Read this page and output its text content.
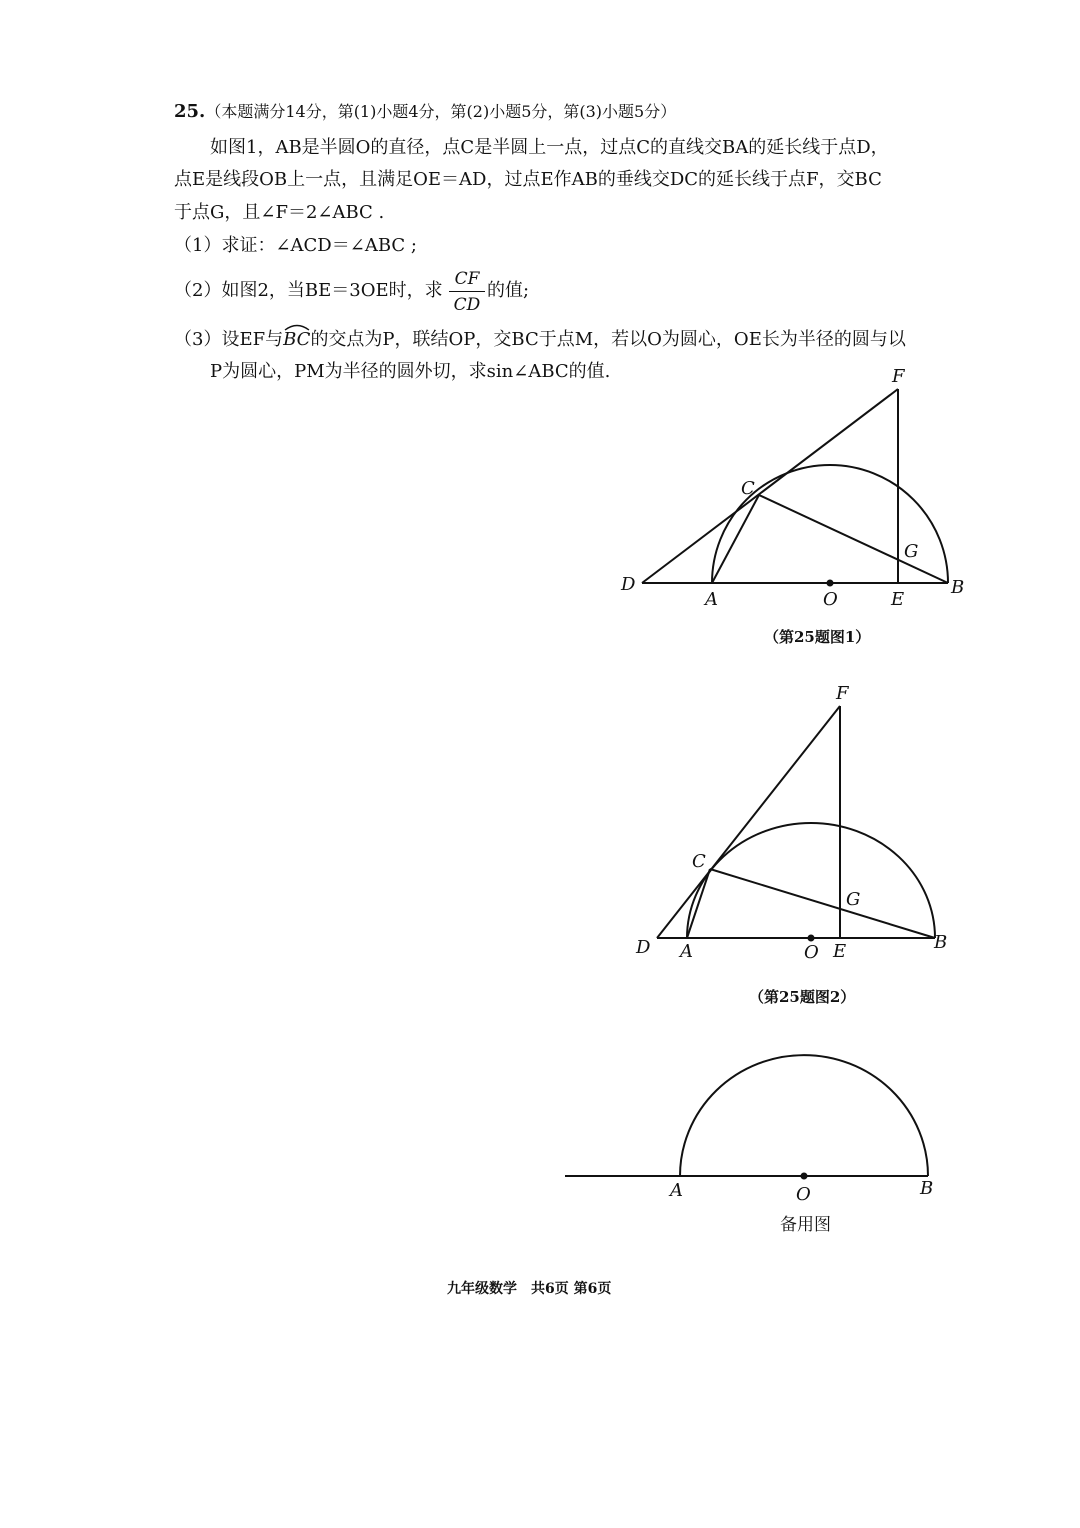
25.（本题满分14分，第(1)小题4分，第(2)小题5分，第(3)小题5分）
如图1，AB是半圆O的直径，点C是半圆上一点，过点C的直线交BA的延长线于点D，
点E是线段OB上一点，且满足OE＝AD，过点E作AB的垂线交DC的延长线于点F，交BC
于点G，且∠F＝2∠ABC .
（1）求证：∠ACD＝∠ABC ;
（2）如图2，当BE＝3OE时，求
CF
CD
的值;
（3）设EF与
BC的交点为P，联结OP，交BC于点M，若以O为圆心，OE长为半径的圆与以
P为圆心，PM为半径的圆外切，求sin∠ABC的值.	F
C
G
D
A	O	E
B
（第25题图1）
F
C
G
D A	O E	B
（第25题图2）
A	O	B
备用图
九年级数学　共6页 第6页
